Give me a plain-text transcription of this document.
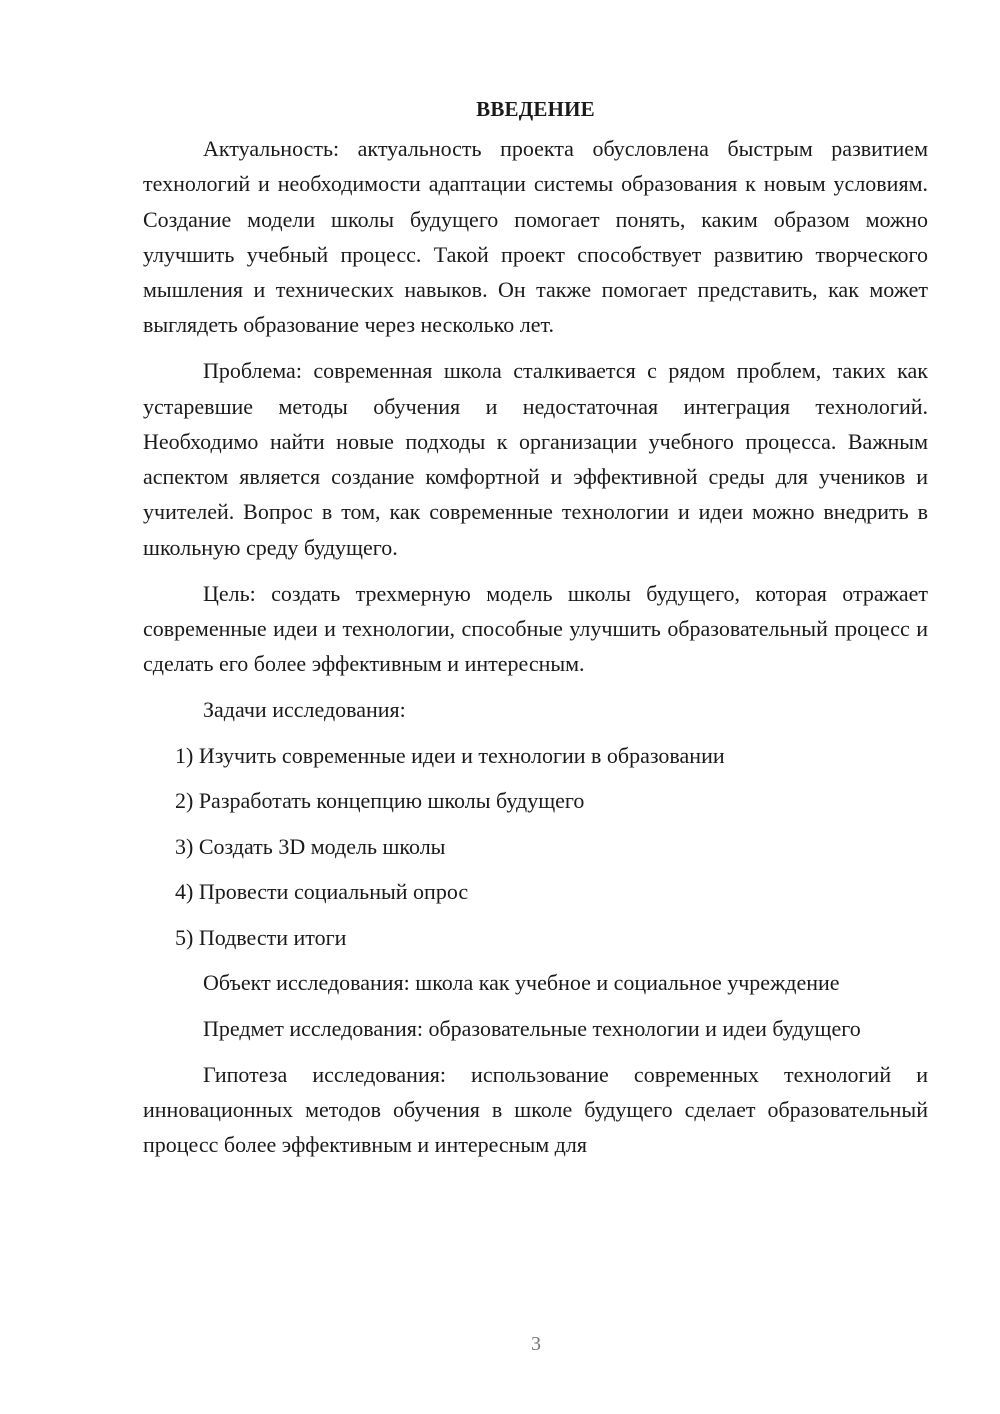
ВВЕДЕНИЕ

Актуальность: актуальность проекта обусловлена быстрым развитием технологий и необходимости адаптации системы образования к новым условиям. Создание модели школы будущего помогает понять, каким образом можно улучшить учебный процесс. Такой проект способствует развитию творческого мышления и технических навыков. Он также помогает представить, как может выглядеть образование через несколько лет.

Проблема: современная школа сталкивается с рядом проблем, таких как устаревшие методы обучения и недостаточная интеграция технологий. Необходимо найти новые подходы к организации учебного процесса. Важным аспектом является создание комфортной и эффективной среды для учеников и учителей. Вопрос в том, как современные технологии и идеи можно внедрить в школьную среду будущего.

Цель: создать трехмерную модель школы будущего, которая отражает современные идеи и технологии, способные улучшить образовательный процесс и сделать его более эффективным и интересным.

Задачи исследования:

1) Изучить современные идеи и технологии в образовании
2) Разработать концепцию школы будущего
3) Создать 3D модель школы
4) Провести социальный опрос
5) Подвести итоги

Объект исследования: школа как учебное и социальное учреждение

Предмет исследования: образовательные технологии и идеи будущего

Гипотеза исследования: использование современных технологий и инновационных методов обучения в школе будущего сделает образовательный процесс более эффективным и интересным для

3
